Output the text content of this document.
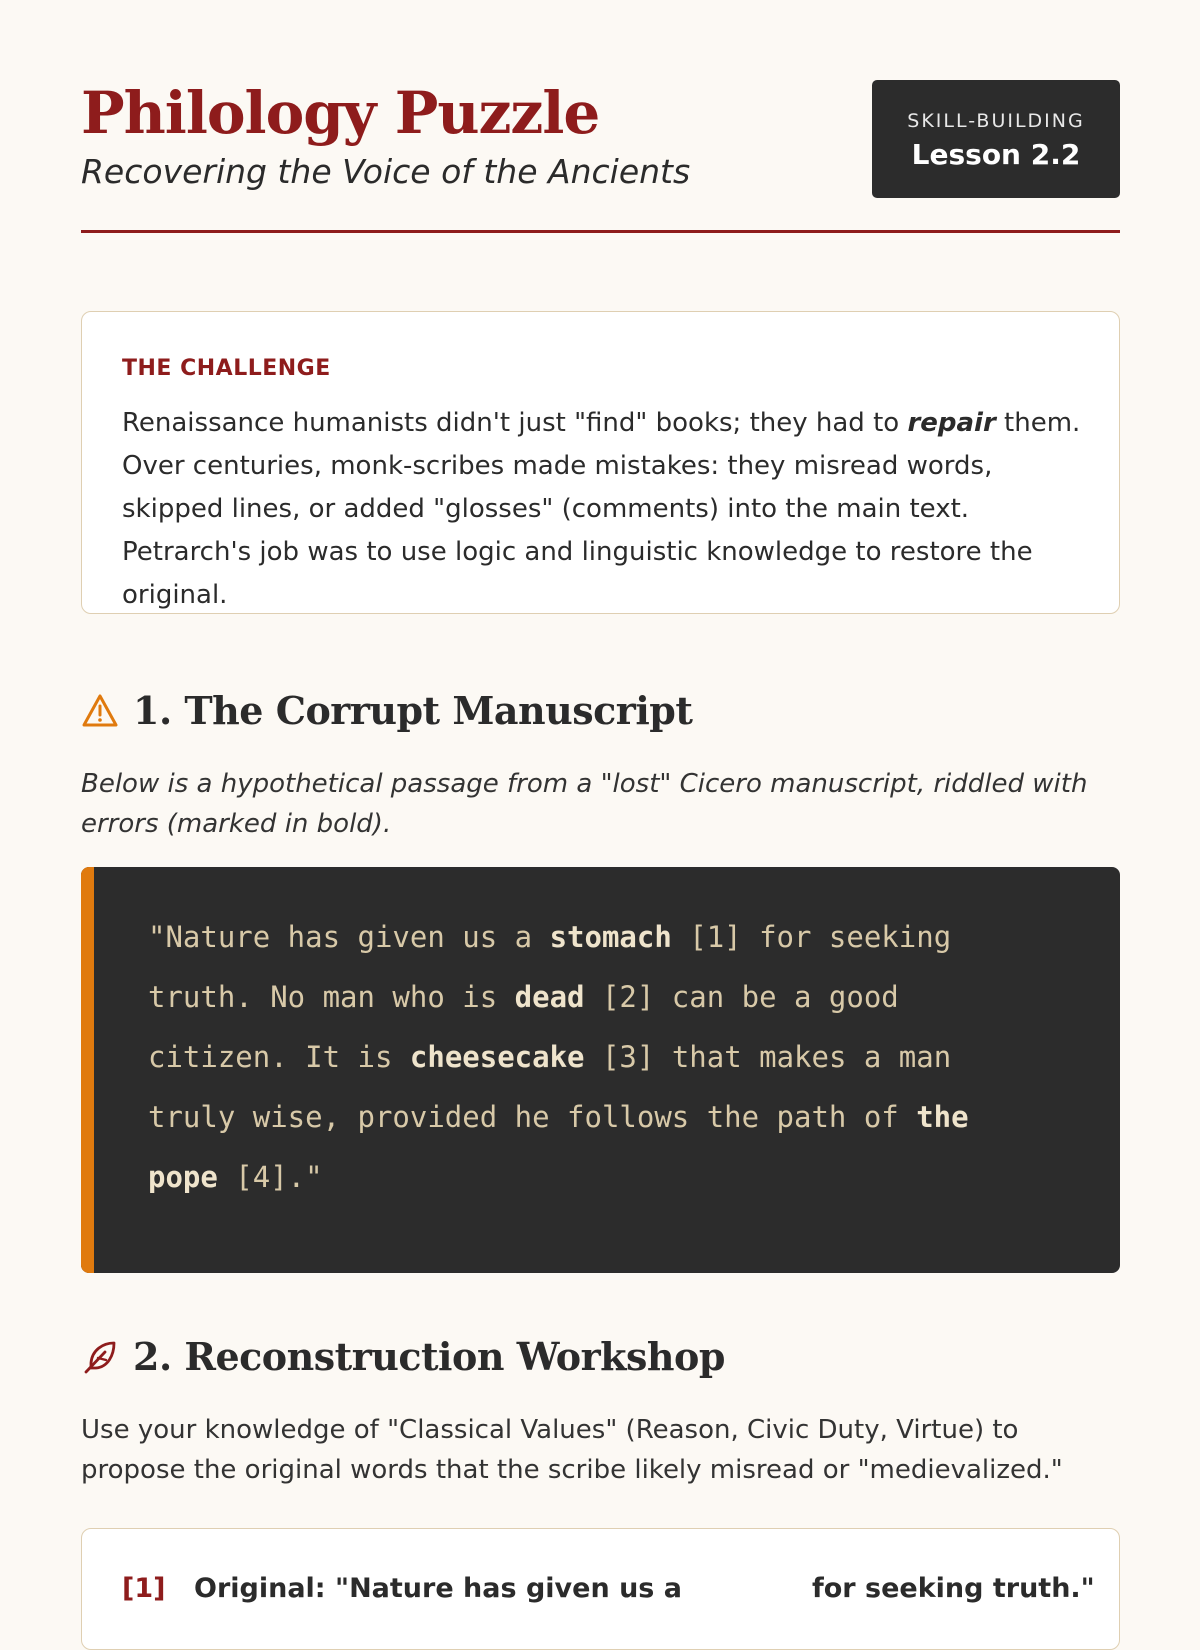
Philology Puzzle

Recovering the Voice of the Ancients

SKILL-BUILDING
Lesson 2.2
THE CHALLENGE

Renaissance humanists didn't just "find" books; they had to repair them. Over centuries, monk-scribes made mistakes: they misread words, skipped lines, or added "glosses" (comments) into the main text. Petrarch's job was to use logic and linguistic knowledge to restore the original.

1. The Corrupt Manuscript

Below is a hypothetical passage from a "lost" Cicero manuscript, riddled with errors (marked in bold).

"Nature has given us a stomach [1] for seeking truth. No man who is dead [2] can be a good citizen. It is cheesecake [3] that makes a man truly wise, provided he follows the path of the pope [4]."
2. Reconstruction Workshop

Use your knowledge of "Classical Values" (Reason, Civic Duty, Virtue) to propose the original words that the scribe likely misread or "medievalized."

[1] Original: "Nature has given us a	for seeking truth."
